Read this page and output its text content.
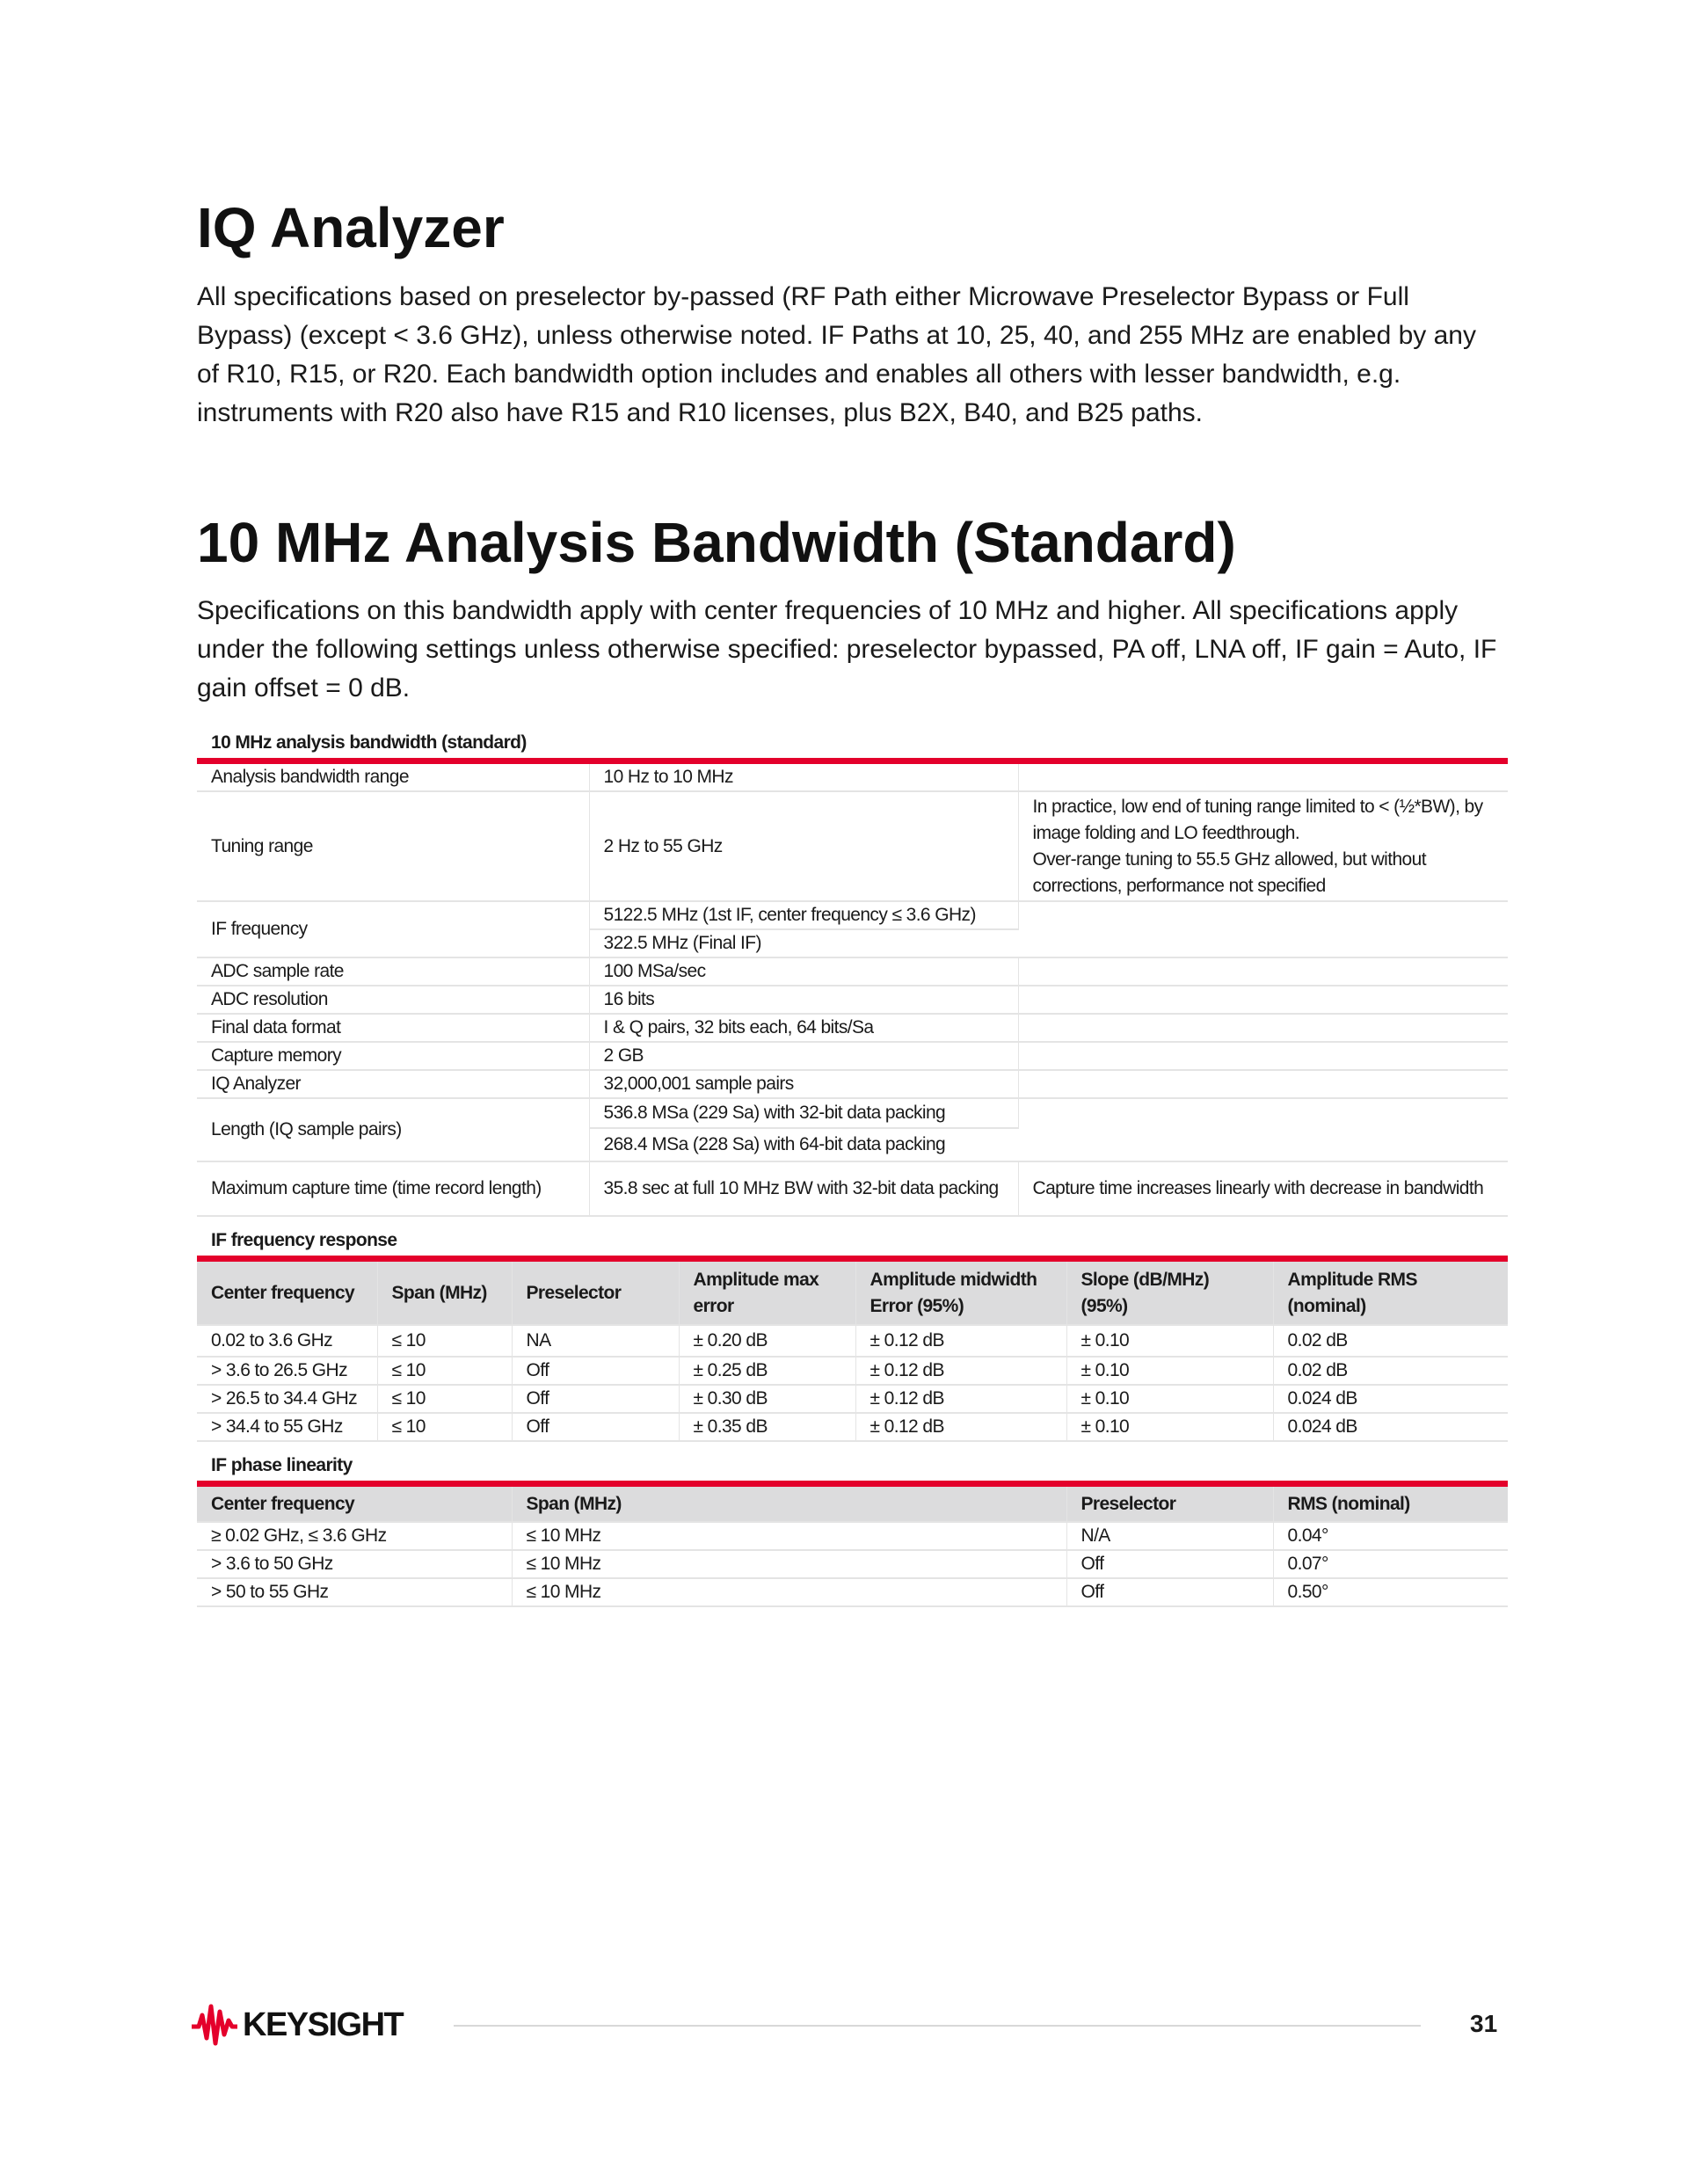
IQ Analyzer

All specifications based on preselector by-passed (RF Path either Microwave Preselector Bypass or Full Bypass) (except < 3.6 GHz), unless otherwise noted. IF Paths at 10, 25, 40, and 255 MHz are enabled by any of R10, R15, or R20. Each bandwidth option includes and enables all others with lesser bandwidth, e.g. instruments with R20 also have R15 and R10 licenses, plus B2X, B40, and B25 paths.

10 MHz Analysis Bandwidth (Standard)

Specifications on this bandwidth apply with center frequencies of 10 MHz and higher. All specifications apply under the following settings unless otherwise specified: preselector bypassed, PA off, LNA off, IF gain = Auto, IF gain offset = 0 dB.

10 MHz analysis bandwidth (standard)
Analysis bandwidth range	10 Hz to 10 MHz	
Tuning range	2 Hz to 55 GHz	In practice, low end of tuning range limited to < (½*BW), by image folding and LO feedthrough.
Over-range tuning to 55.5 GHz allowed, but without corrections, performance not specified

IF frequency	5122.5 MHz (1st IF, center frequency ≤ 3.6 GHz)	
	322.5 MHz (Final IF)	
ADC sample rate	100 MSa/sec	
ADC resolution	16 bits	
Final data format	I & Q pairs, 32 bits each, 64 bits/Sa	
Capture memory	2 GB	
IQ Analyzer	32,000,001 sample pairs	
Length (IQ sample pairs)	536.8 MSa (229 Sa) with 32-bit data packing	
	268.4 MSa (228 Sa) with 64-bit data packing	
Maximum capture time (time record length)	35.8 sec at full 10 MHz BW with 32-bit data packing	Capture time increases linearly with decrease in bandwidth
IF frequency response
Center frequency	Span (MHz)	Preselector	Amplitude max error	Amplitude midwidth Error (95%)	Slope (dB/MHz) (95%)	Amplitude RMS (nominal)
0.02 to 3.6 GHz	≤ 10	NA	± 0.20 dB	± 0.12 dB	± 0.10	0.02 dB
> 3.6 to 26.5 GHz	≤ 10	Off	± 0.25 dB	± 0.12 dB	± 0.10	0.02 dB
> 26.5 to 34.4 GHz	≤ 10	Off	± 0.30 dB	± 0.12 dB	± 0.10	0.024 dB
> 34.4 to 55 GHz	≤ 10	Off	± 0.35 dB	± 0.12 dB	± 0.10	0.024 dB
IF phase linearity
Center frequency	Span (MHz)	Preselector	RMS (nominal)
≥ 0.02 GHz, ≤ 3.6 GHz	≤ 10 MHz	N/A	0.04°
> 3.6 to 50 GHz	≤ 10 MHz	Off	0.07°
> 50 to 55 GHz	≤ 10 MHz	Off	0.50°
KEYSIGHT	31
